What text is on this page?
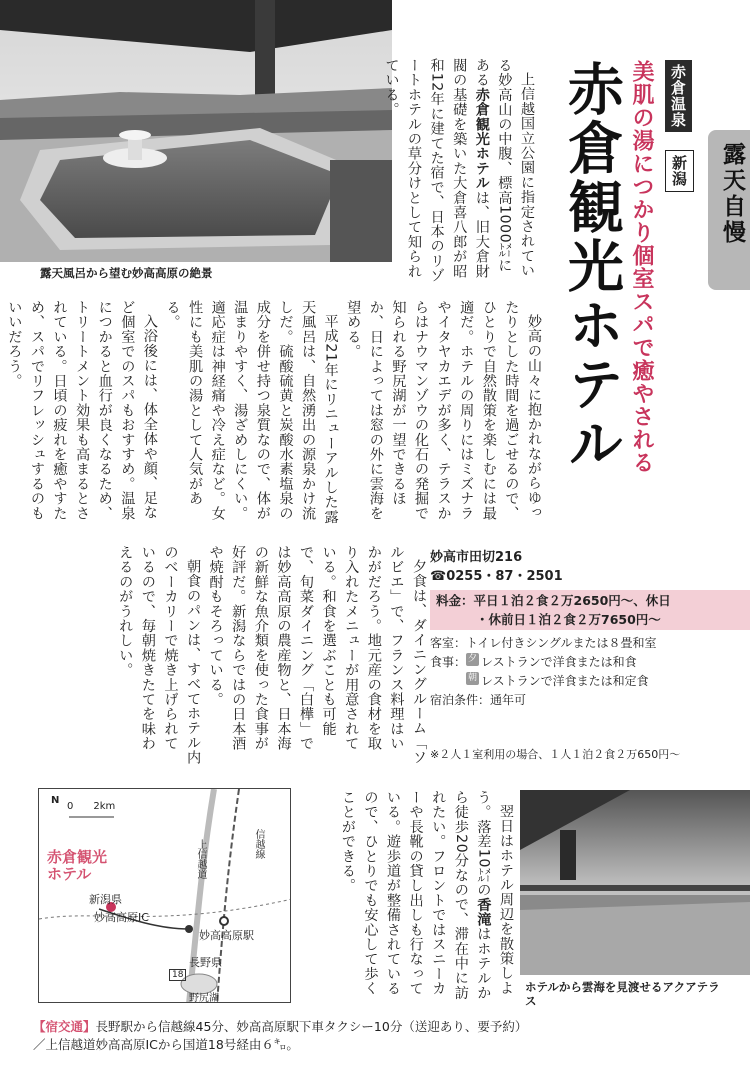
露天風呂から望む妙高高原の絶景
赤倉温泉
新潟
美肌の湯につかり個室スパで癒やされる
赤倉観光ホテル	露天自慢

上信越国立公園に指定されている妙高山の中腹、標高1000㍍にある赤倉観光ホテルは、旧大倉財閥の基礎を築いた大倉喜八郎が昭和12年に建てた宿で、日本のリゾートホテルの草分けとして知られている。

妙高の山々に抱かれながらゆったりとした時間を過ごせるので、ひとりで自然散策を楽しむには最適だ。ホテルの周りにはミズナラやイタヤカエデが多く、テラスからはナウマンゾウの化石の発掘で知られる野尻湖が一望できるほか、日によっては窓の外に雲海を望める。

平成21年にリニューアルした露天風呂は、自然湧出の源泉かけ流しだ。硫酸硫黄と炭酸水素塩泉の成分を併せ持つ泉質なので、体が温まりやすく、湯ざめしにくい。適応症は神経痛や冷え症など。女性にも美肌の湯として人気がある。

入浴後には、体全体や顔、足など個室でのスパもおすすめ。温泉につかると血行が良くなるため、トリートメント効果も高まるとされている。日頃の疲れを癒やすため、スパでリフレッシュするのもいいだろう。

夕食は、ダイニングルーム「ソルビエ」で、フランス料理はいかがだろう。地元産の食材を取り入れたメニューが用意されている。和食を選ぶことも可能で、旬菜ダイニング「白樺」では妙高高原の農産物と、日本海の新鮮な魚介類を使った食事が好評だ。新潟ならではの日本酒や焼酎もそろっている。

朝食のパンは、すべてホテル内のベーカリーで焼き上げられているので、毎朝焼きたてを味わえるのがうれしい。	妙高市田切216
☎0255・87・2501
料金：平日１泊２食２万2650円～、休日
・休前日１泊２食２万7650円～
客室： トイレ付きシングルまたは８畳和室
食事： 夕 レストランで洋食または和食
朝 レストランで洋食または和定食
宿泊条件： 通年可
※２人１室利用の場合、１人１泊２食２万650円～
N
0　　2km
赤倉観光
ホテル
新潟県
長野県
妙高高原IC
妙高高原駅
上信越道	信越線
野尻湖
18	翌日はホテル周辺を散策しよう。落差10㍍の香滝はホテルから徒歩20分なので、滞在中に訪れたい。フロントではスニーカーや長靴の貸し出しも行なっている。遊歩道が整備されているので、ひとりでも安心して歩くことができる。

ホテルから雲海を見渡せるアクアテラス
【宿交通】長野駅から信越線45分、妙高高原駅下車タクシー10分（送迎あり、要予約）
／上信越道妙高高原ICから国道18号経由６㌔。
